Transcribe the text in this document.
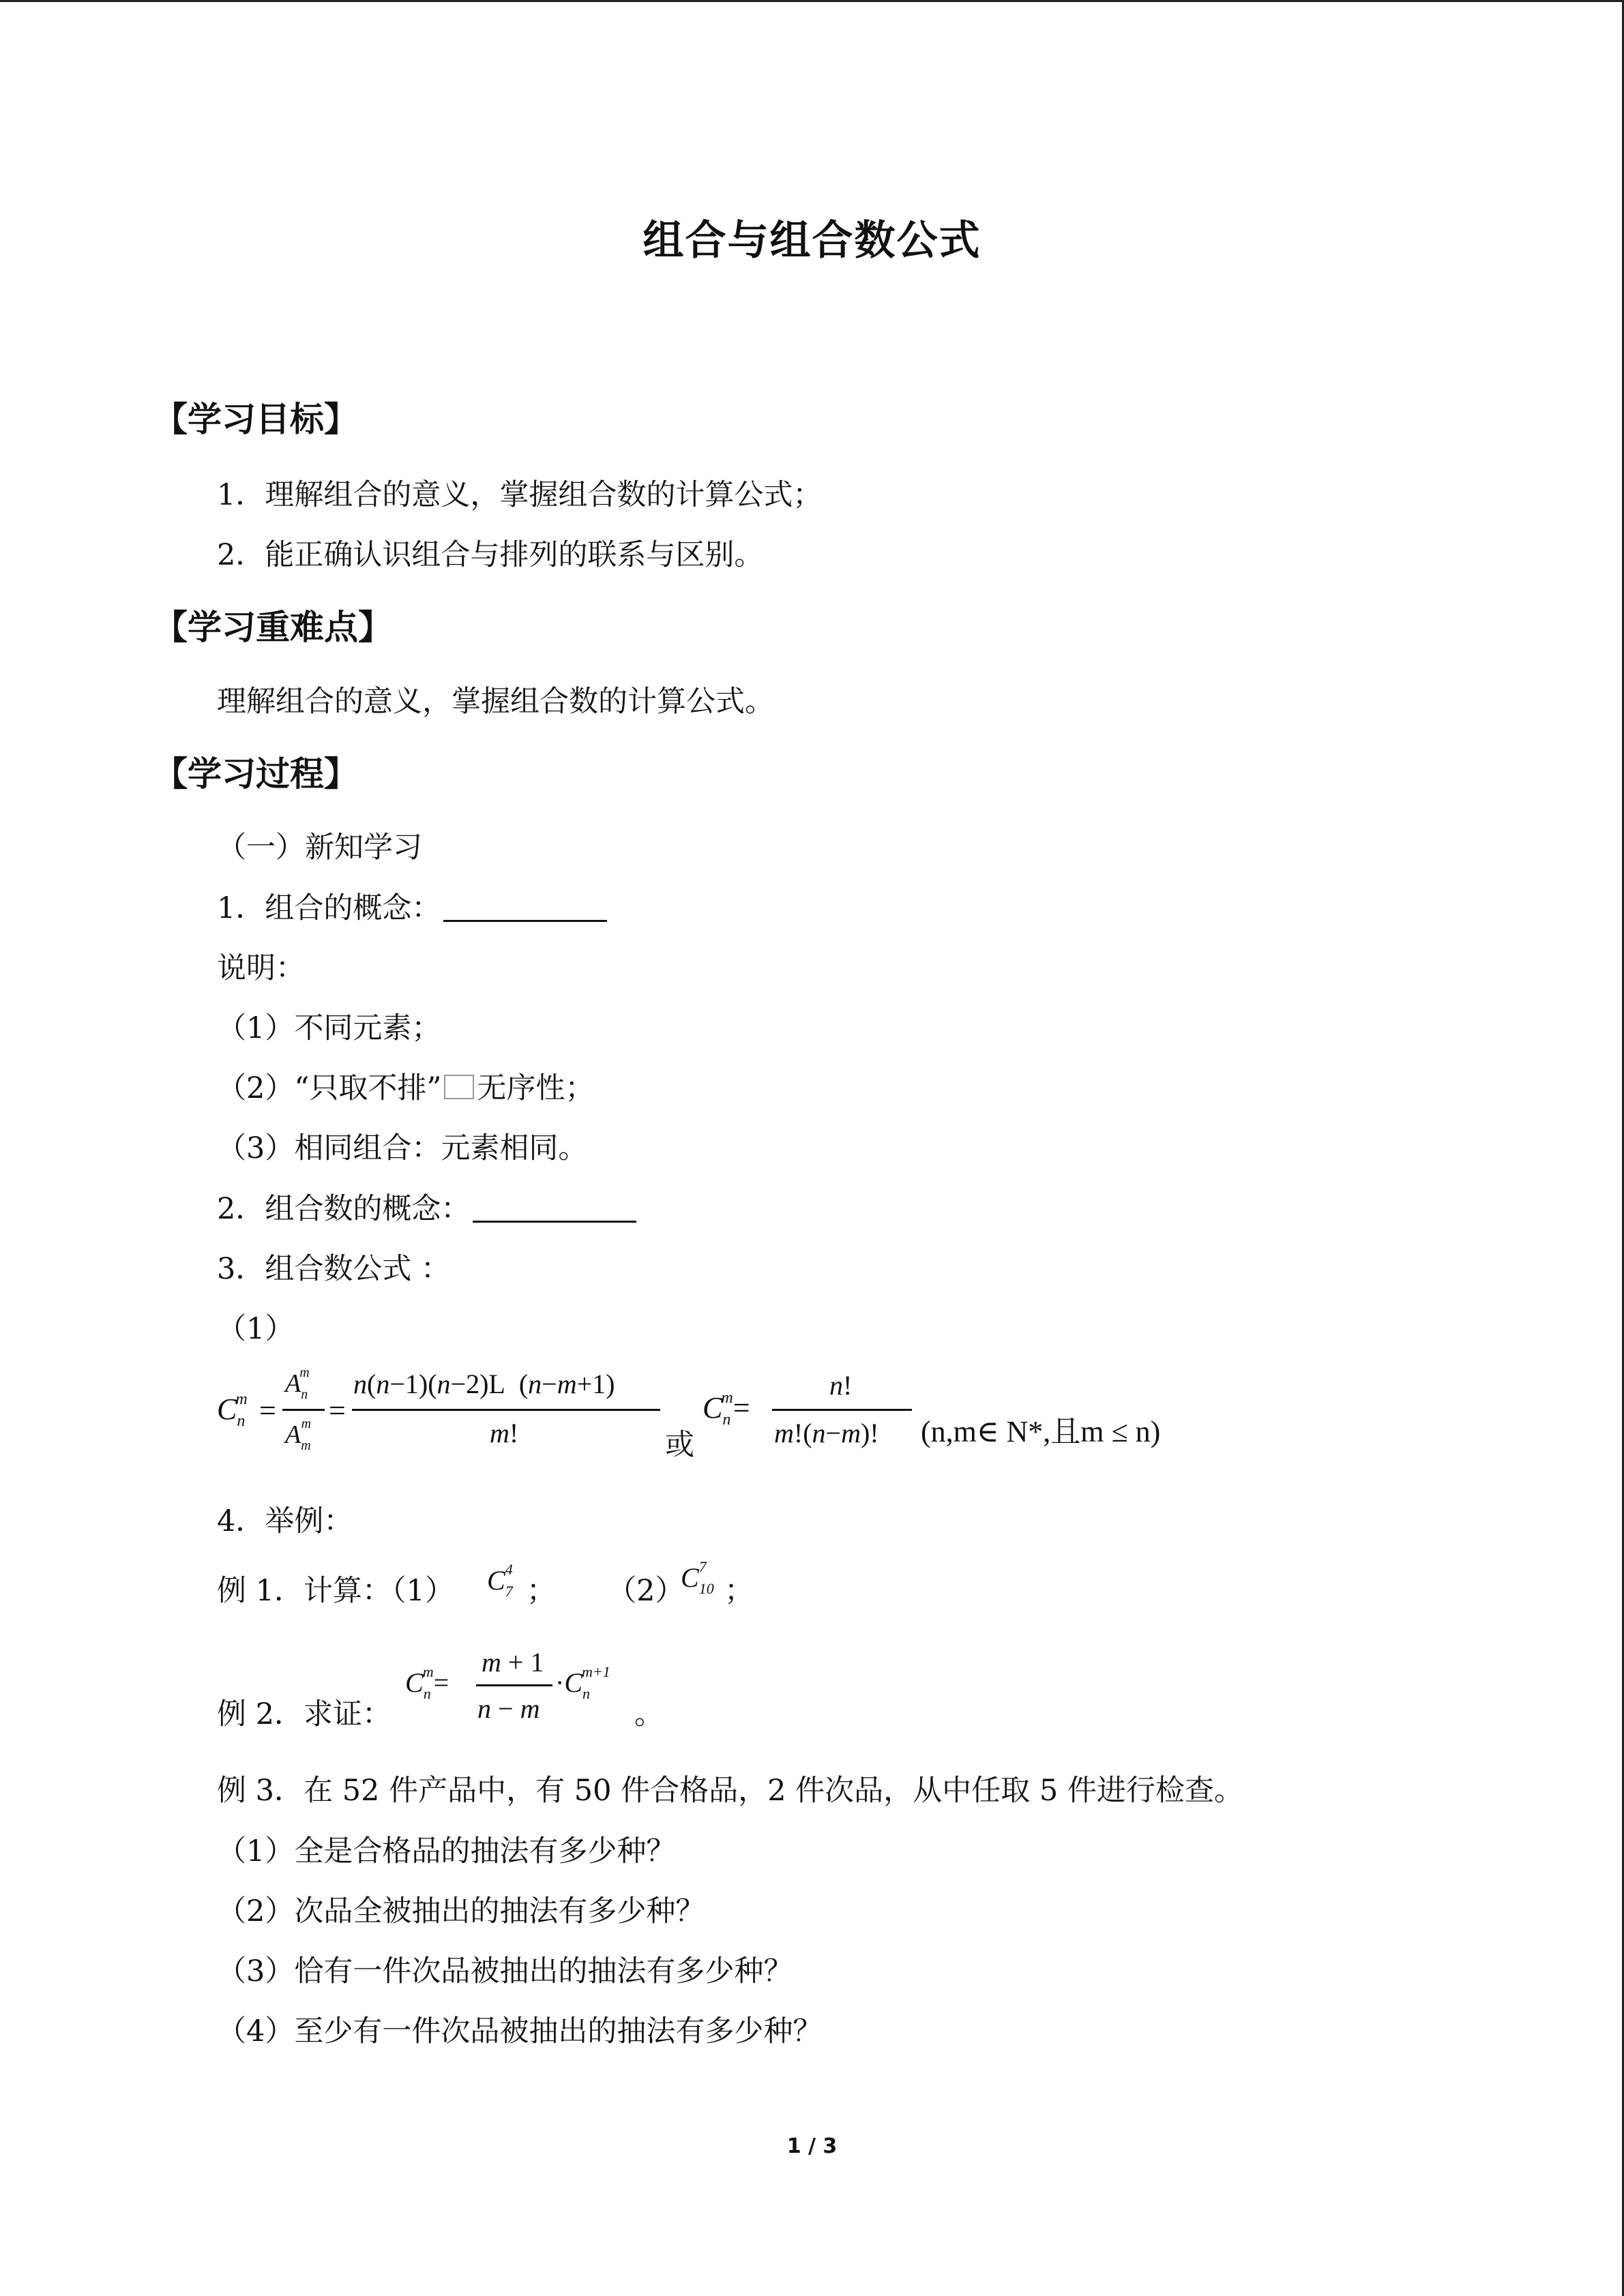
组合与组合数公式
【学习目标】
1．理解组合的意义，掌握组合数的计算公式；
2．能正确认识组合与排列的联系与区别。
【学习重难点】
理解组合的意义，掌握组合数的计算公式。
【学习过程】
（一）新知学习
1．组合的概念：
说明：
（1）不同元素；
（2）“只取不排” 无序性；
（3）相同组合：元素相同。
2．组合数的概念：
3．组合数公式 ：
（1）
$C_n^m$ =
$A_n^m$
$A_m^m$ =
n(n−1)(n−2)L  (n−m+1)
m!	或
$C_n^m=$
n!
m!(n−m)! (n,m∈ N*,且m ≤ n)
4．举例：
例 1．计算：（1） $C_7^4$
； （2）
$C_{10}^7$
；
例 2．求证：
$C_n^m=$
m + 1
n − m
$\cdot C_n^{m+1}$
。
例 3．在 52 件产品中，有 50 件合格品，2 件次品，从中任取 5 件进行检查。
（1）全是合格品的抽法有多少种？
（2）次品全被抽出的抽法有多少种？
（3）恰有一件次品被抽出的抽法有多少种？
（4）至少有一件次品被抽出的抽法有多少种？
1 / 3
